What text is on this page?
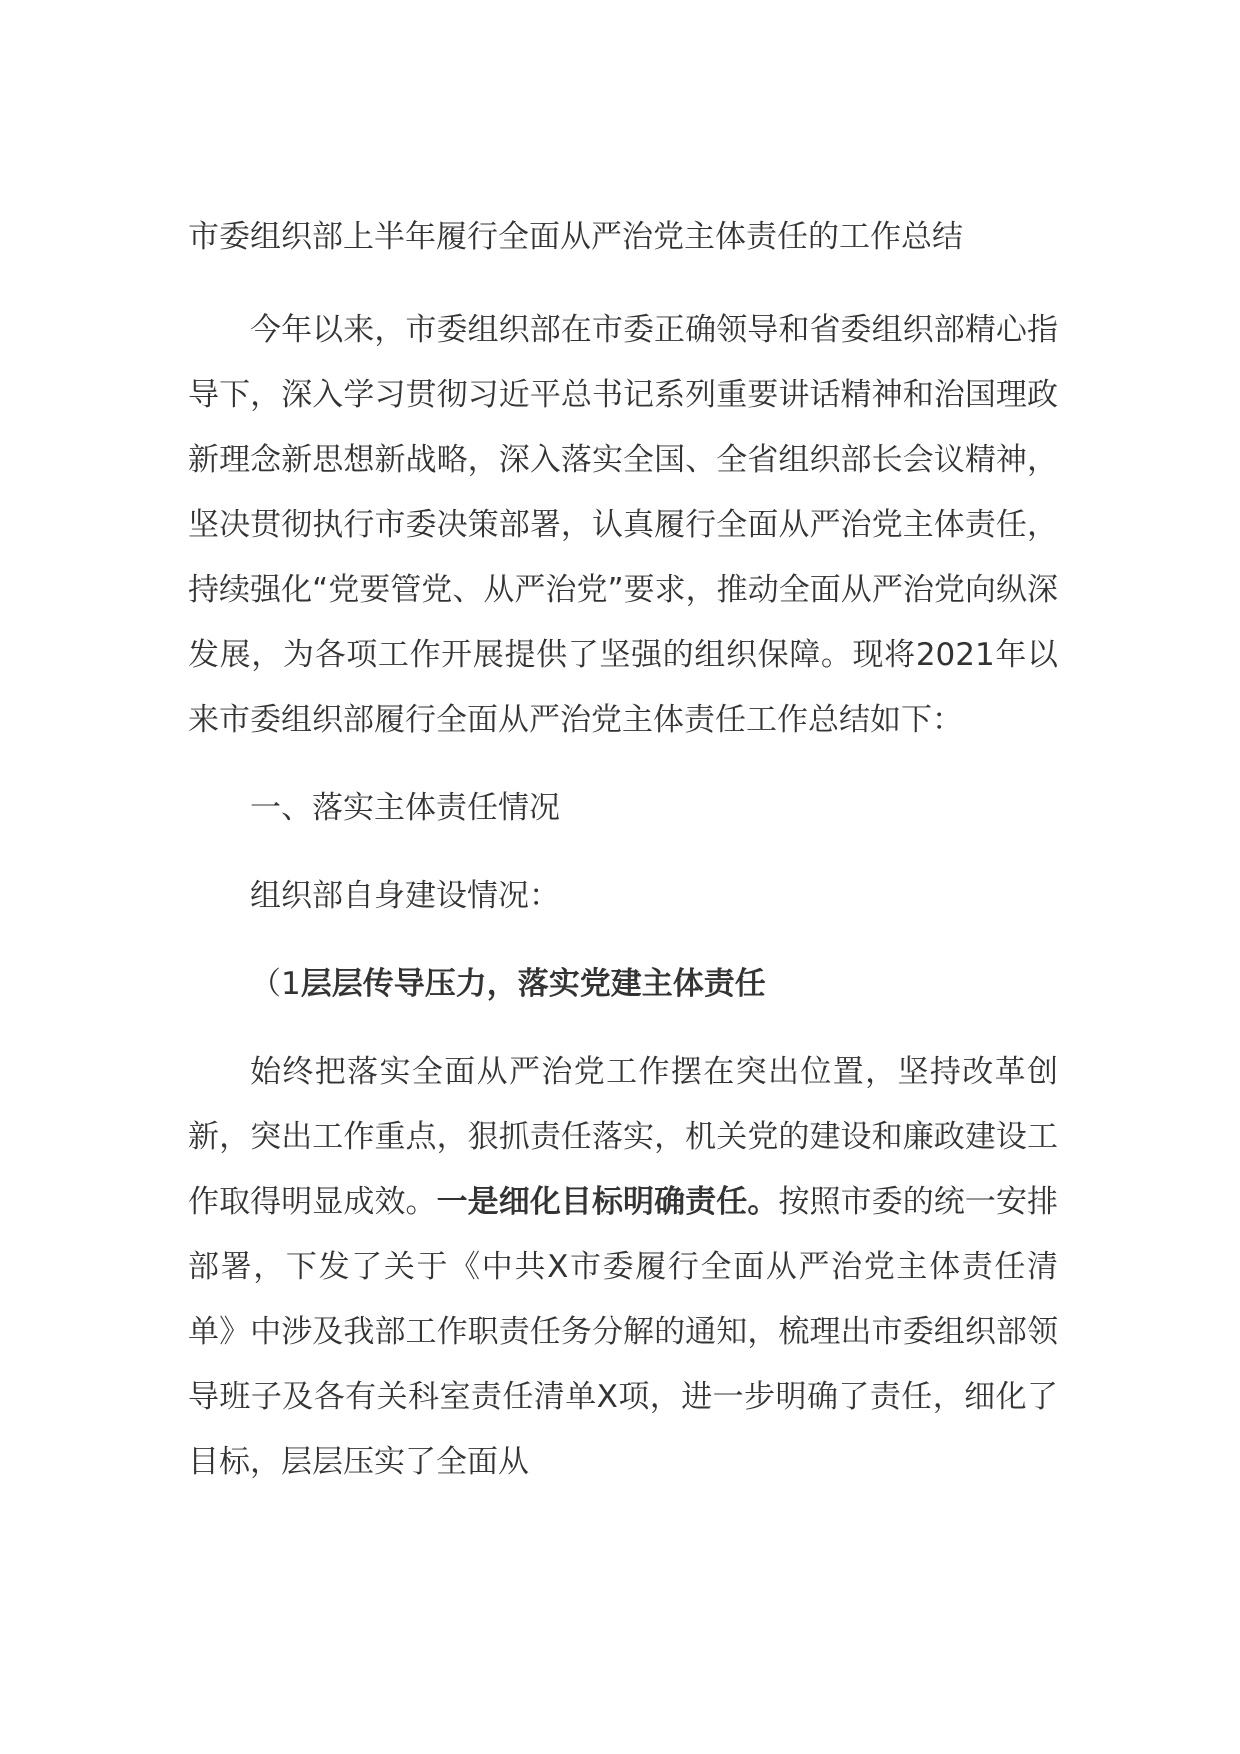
市委组织部上半年履行全面从严治党主体责任的工作总结

今年以来，市委组织部在市委正确领导和省委组织部精心指导下，深入学习贯彻习近平总书记系列重要讲话精神和治国理政新理念新思想新战略，深入落实全国、全省组织部长会议精神，坚决贯彻执行市委决策部署，认真履行全面从严治党主体责任，持续强化“党要管党、从严治党”要求，推动全面从严治党向纵深发展，为各项工作开展提供了坚强的组织保障。现将2021年以来市委组织部履行全面从严治党主体责任工作总结如下：

一、落实主体责任情况

组织部自身建设情况：

（1层层传导压力，落实党建主体责任

始终把落实全面从严治党工作摆在突出位置，坚持改革创新，突出工作重点，狠抓责任落实，机关党的建设和廉政建设工作取得明显成效。一是细化目标明确责任。按照市委的统一安排部署，下发了关于《中共X市委履行全面从严治党主体责任清单》中涉及我部工作职责任务分解的通知，梳理出市委组织部领导班子及各有关科室责任清单X项，进一步明确了责任，细化了目标，层层压实了全面从
